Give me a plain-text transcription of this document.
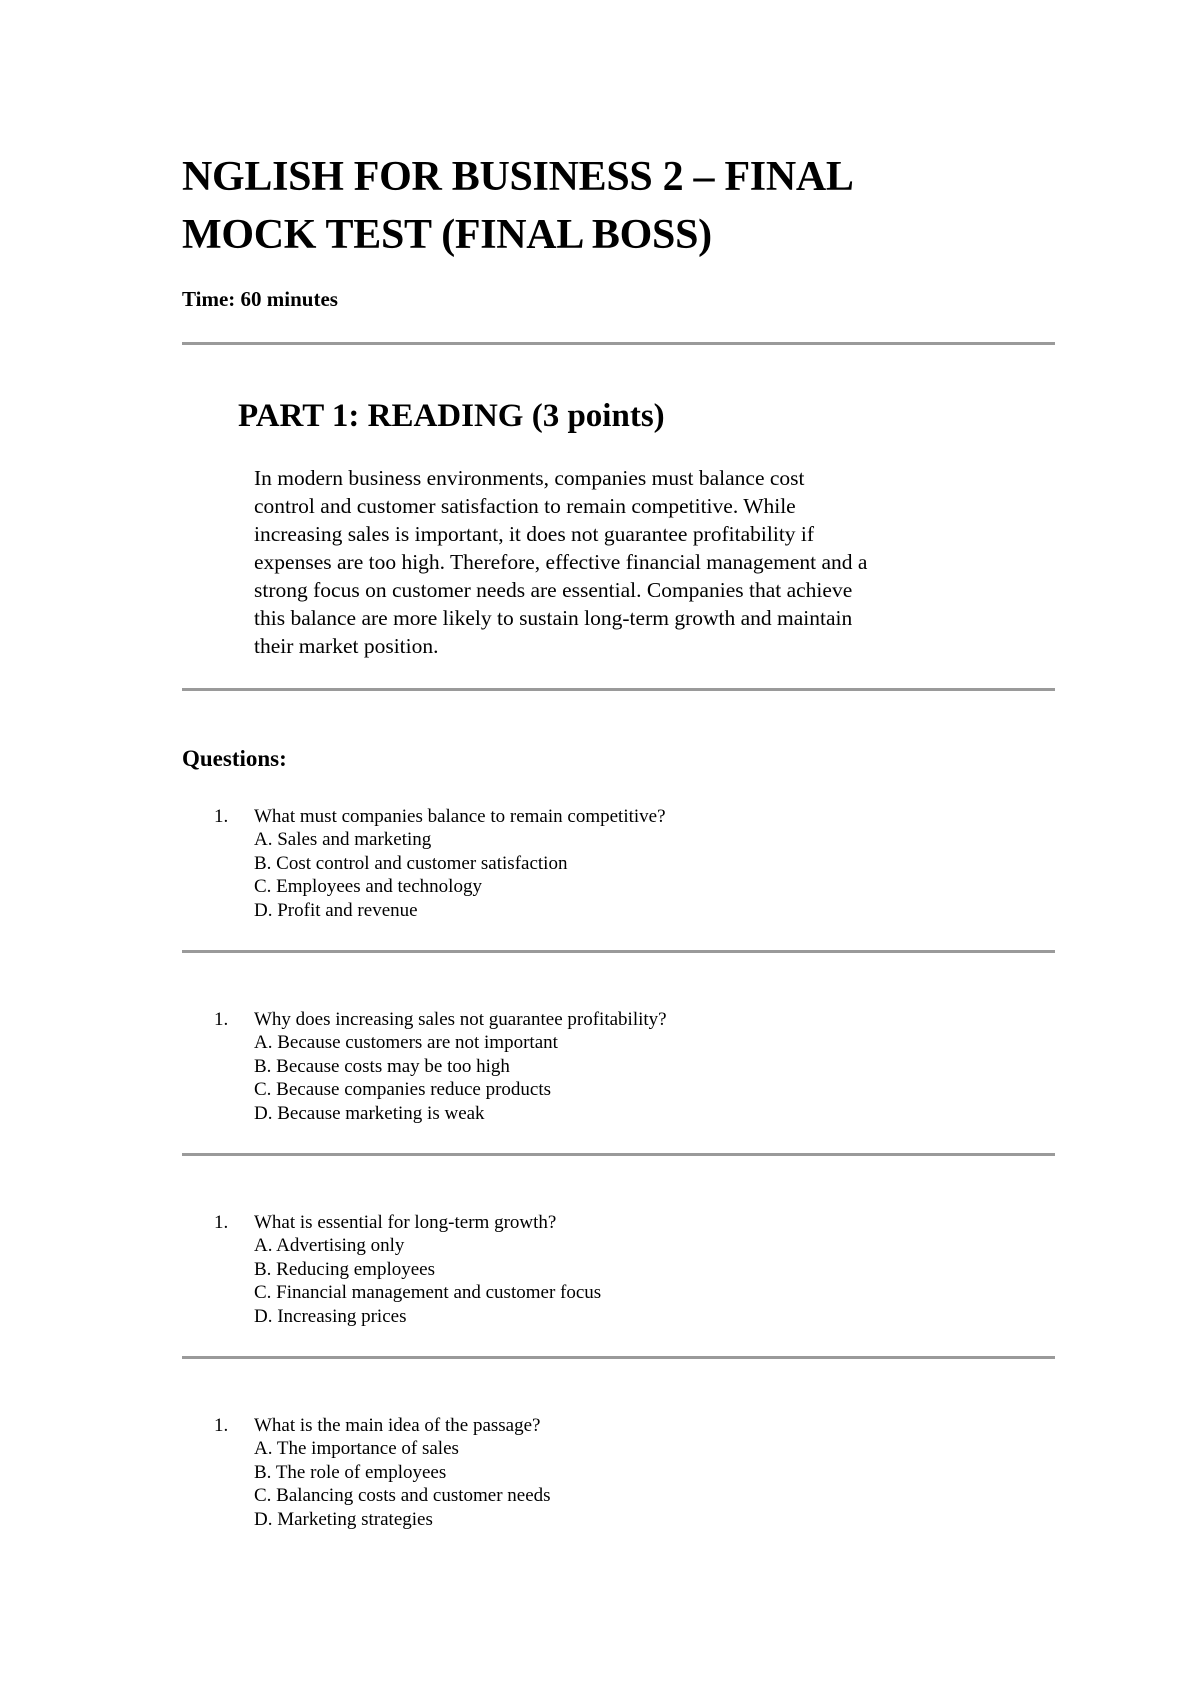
NGLISH FOR BUSINESS 2 – FINAL
MOCK TEST (FINAL BOSS)

Time: 60 minutes

PART 1: READING (3 points)

In modern business environments, companies must balance cost
control and customer satisfaction to remain competitive. While
increasing sales is important, it does not guarantee profitability if
expenses are too high. Therefore, effective financial management and a
strong focus on customer needs are essential. Companies that achieve
this balance are more likely to sustain long-term growth and maintain
their market position.

Questions:
1.	What must companies balance to remain competitive?
A. Sales and marketing
B. Cost control and customer satisfaction
C. Employees and technology
D. Profit and revenue
1.	Why does increasing sales not guarantee profitability?
A. Because customers are not important
B. Because costs may be too high
C. Because companies reduce products
D. Because marketing is weak
1.	What is essential for long-term growth?
A. Advertising only
B. Reducing employees
C. Financial management and customer focus
D. Increasing prices
1.	What is the main idea of the passage?
A. The importance of sales
B. The role of employees
C. Balancing costs and customer needs
D. Marketing strategies
